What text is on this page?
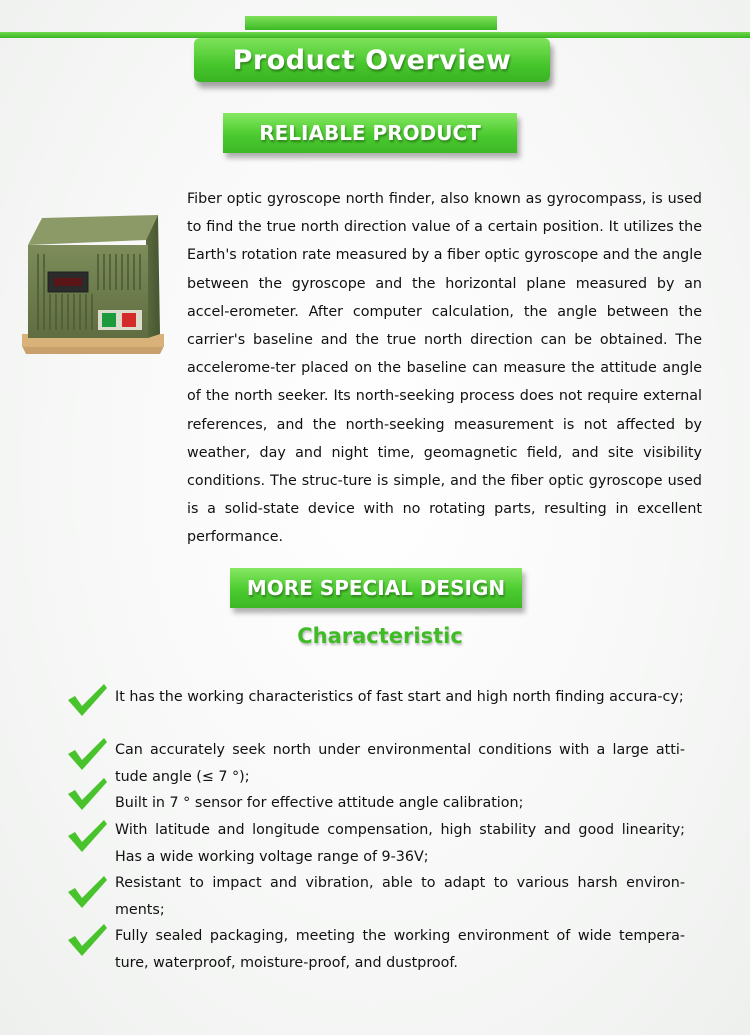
Product Overview
RELIABLE PRODUCT

Fiber optic gyroscope north finder, also known as gyrocompass, is used to find the true north direction value of a certain position. It utilizes the Earth's rotation rate measured by a fiber optic gyroscope and the angle between the gyroscope and the horizontal plane measured by an accel-erometer. After computer calculation, the angle between the carrier's baseline and the true north direction can be obtained. The accelerome-ter placed on the baseline can measure the attitude angle of the north seeker. Its north-seeking process does not require external references, and the north-seeking measurement is not affected by weather, day and night time, geomagnetic field, and site visibility conditions. The struc-ture is simple, and the fiber optic gyroscope used is a solid-state device with no rotating parts, resulting in excellent performance.

MORE SPECIAL DESIGN
Characteristic

It has the working characteristics of fast start and high north finding accura-cy;

Can accurately seek north under environmental conditions with a large atti-tude angle (≤ 7 °);

Built in 7 ° sensor for effective attitude angle calibration;

With latitude and longitude compensation, high stability and good linearity; Has a wide working voltage range of 9-36V;

Resistant to impact and vibration, able to adapt to various harsh environ-ments;

Fully sealed packaging, meeting the working environment of wide tempera-ture, waterproof, moisture-proof, and dustproof.
